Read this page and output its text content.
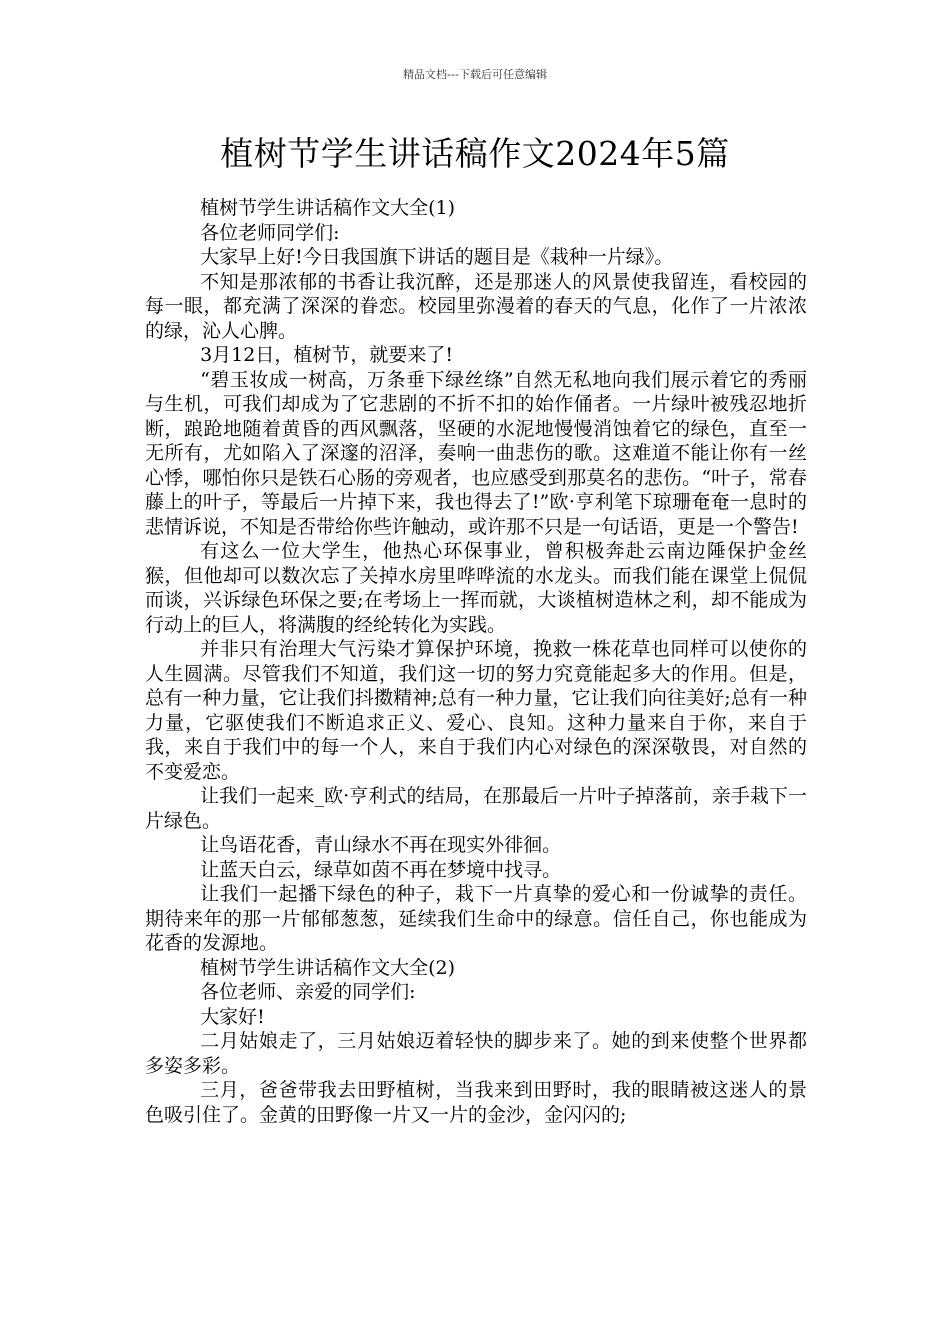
精品文档---下载后可任意编辑
植树节学生讲话稿作文2024年5篇

植树节学生讲话稿作文大全(1)

各位老师同学们:

大家早上好!今日我国旗下讲话的题目是《栽种一片绿》。

不知是那浓郁的书香让我沉醉，还是那迷人的风景使我留连，看校园的每一眼，都充满了深深的眷恋。校园里弥漫着的春天的气息，化作了一片浓浓的绿，沁人心脾。

3月12日，植树节，就要来了!

“碧玉妆成一树高，万条垂下绿丝绦”自然无私地向我们展示着它的秀丽与生机，可我们却成为了它悲剧的不折不扣的始作俑者。一片绿叶被残忍地折断，踉跄地随着黄昏的西风飘落，坚硬的水泥地慢慢消蚀着它的绿色，直至一无所有，尤如陷入了深邃的沼泽，奏响一曲悲伤的歌。这难道不能让你有一丝心悸，哪怕你只是铁石心肠的旁观者，也应感受到那莫名的悲伤。“叶子，常春藤上的叶子，等最后一片掉下来，我也得去了!”欧·亨利笔下琼珊奄奄一息时的悲情诉说，不知是否带给你些许触动，或许那不只是一句话语，更是一个警告!

有这么一位大学生，他热心环保事业，曾积极奔赴云南边陲保护金丝猴，但他却可以数次忘了关掉水房里哗哗流的水龙头。而我们能在课堂上侃侃而谈，兴诉绿色环保之要;在考场上一挥而就，大谈植树造林之利，却不能成为行动上的巨人，将满腹的经纶转化为实践。

并非只有治理大气污染才算保护环境，挽救一株花草也同样可以使你的人生圆满。尽管我们不知道，我们这一切的努力究竟能起多大的作用。但是，总有一种力量，它让我们抖擞精神;总有一种力量，它让我们向往美好;总有一种力量，它驱使我们不断追求正义、爱心、良知。这种力量来自于你，来自于我，来自于我们中的每一个人，来自于我们内心对绿色的深深敬畏，对自然的不变爱恋。

让我们一起来_欧·亨利式的结局，在那最后一片叶子掉落前，亲手栽下一片绿色。

让鸟语花香，青山绿水不再在现实外徘徊。

让蓝天白云，绿草如茵不再在梦境中找寻。

让我们一起播下绿色的种子，栽下一片真挚的爱心和一份诚挚的责任。期待来年的那一片郁郁葱葱，延续我们生命中的绿意。信任自己，你也能成为花香的发源地。

植树节学生讲话稿作文大全(2)

各位老师、亲爱的同学们:

大家好!

二月姑娘走了，三月姑娘迈着轻快的脚步来了。她的到来使整个世界都多姿多彩。

三月，爸爸带我去田野植树，当我来到田野时，我的眼睛被这迷人的景色吸引住了。金黄的田野像一片又一片的金沙，金闪闪的;
